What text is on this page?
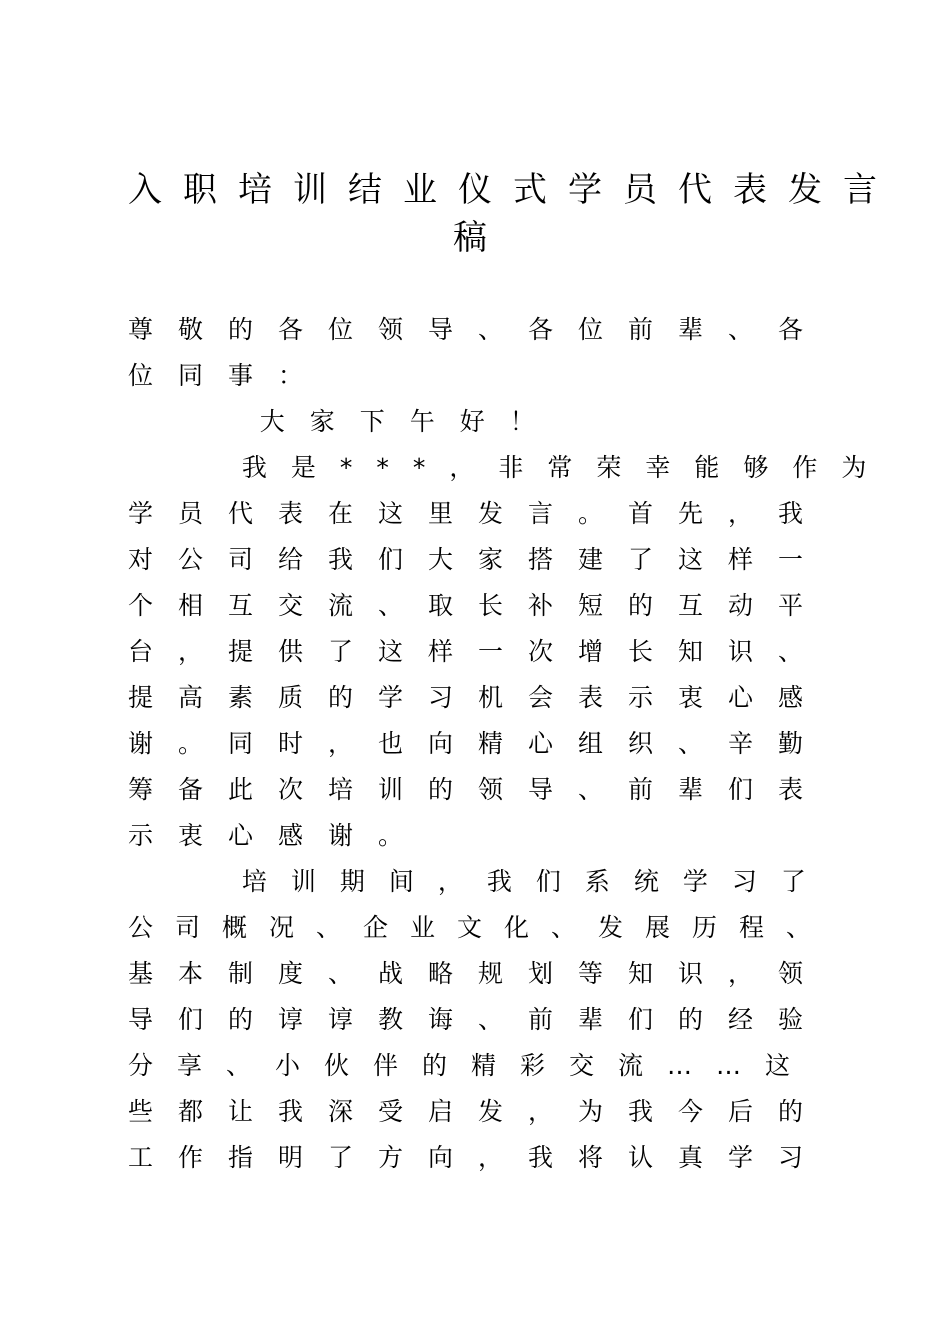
入职培训结业仪式学员代表发言
稿
尊敬的各位领导、各位前辈、各
位同事：
大家下午好！
我是***，非常荣幸能够作为
学员代表在这里发言。首先，我
对公司给我们大家搭建了这样一
个相互交流、取长补短的互动平
台，提供了这样一次增长知识、
提高素质的学习机会表示衷心感
谢。同时，也向精心组织、辛勤
筹备此次培训的领导、前辈们表
示衷心感谢。
培训期间，我们系统学习了
公司概况、企业文化、发展历程、
基本制度、战略规划等知识，领
导们的谆谆教诲、前辈们的经验
分享、小伙伴的精彩交流……这
些都让我深受启发，为我今后的
工作指明了方向，我将认真学习
